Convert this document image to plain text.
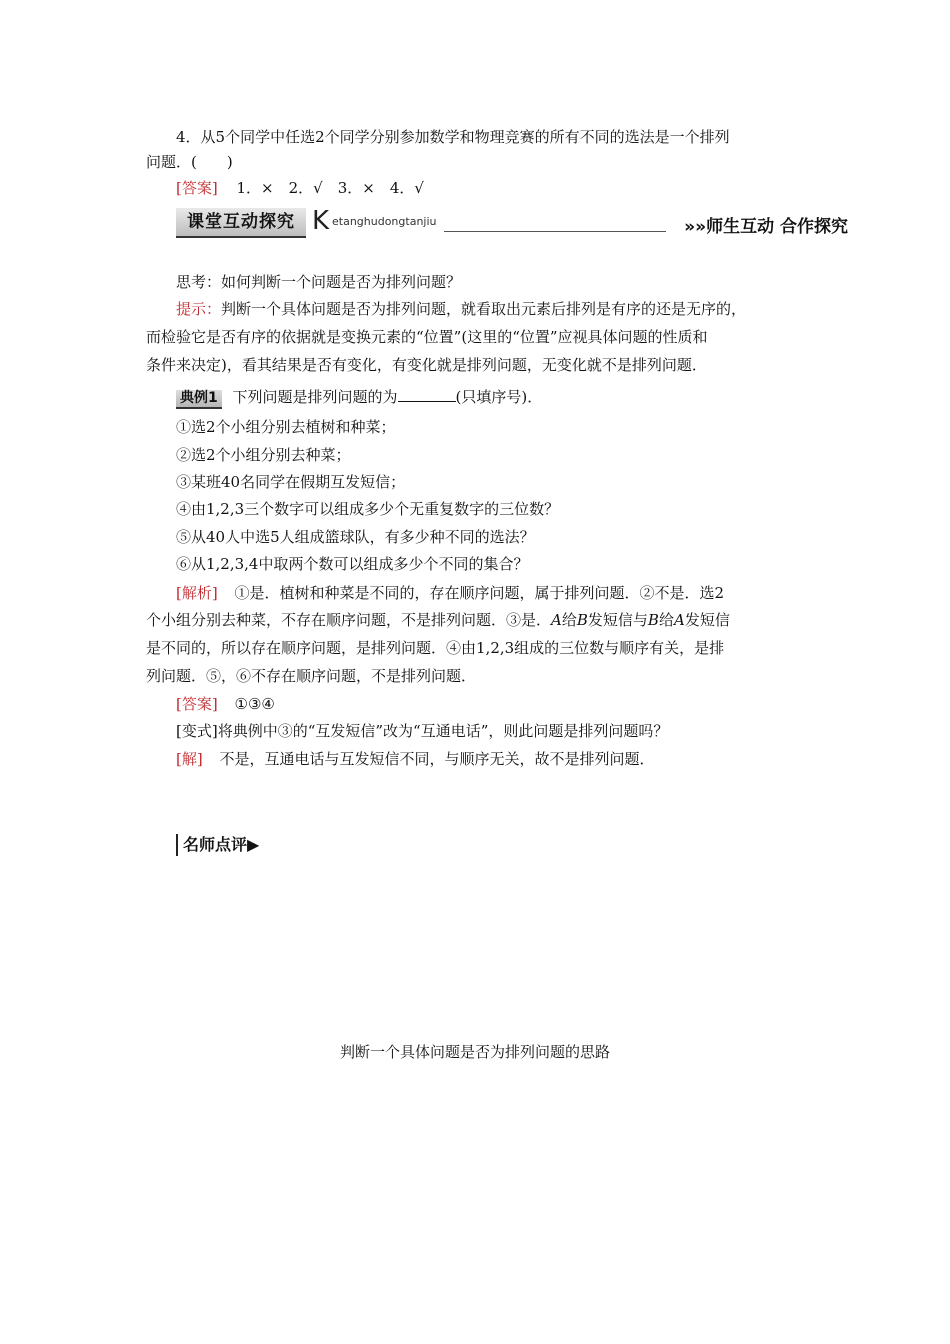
4．从5个同学中任选2个同学分别参加数学和物理竞赛的所有不同的选法是一个排列
问题．(　　)
[答案] 1．×　2．√　3．×　4．√
课堂互动探究 K etanghudongtanjiu	»»师生互动 合作探究
思考：如何判断一个问题是否为排列问题？
提示：判断一个具体问题是否为排列问题，就看取出元素后排列是有序的还是无序的，
而检验它是否有序的依据就是变换元素的“位置”(这里的“位置”应视具体问题的性质和
条件来决定)，看其结果是否有变化，有变化就是排列问题，无变化就不是排列问题．
典例1 下列问题是排列问题的为	(只填序号)．
①选2个小组分别去植树和种菜；
②选2个小组分别去种菜；
③某班40名同学在假期互发短信；
④由1,2,3三个数字可以组成多少个无重复数字的三位数？
⑤从40人中选5人组成篮球队，有多少种不同的选法？
⑥从1,2,3,4中取两个数可以组成多少个不同的集合？
[解析] ①是．植树和种菜是不同的，存在顺序问题，属于排列问题．②不是．选2
个小组分别去种菜，不存在顺序问题，不是排列问题．③是．A给B发短信与B给A发短信
是不同的，所以存在顺序问题，是排列问题．④由1,2,3组成的三位数与顺序有关，是排
列问题．⑤，⑥不存在顺序问题，不是排列问题．
[答案] ①③④
[变式]将典例中③的“互发短信”改为“互通电话”，则此问题是排列问题吗？
[解] 不是，互通电话与互发短信不同，与顺序无关，故不是排列问题．
名师点评▶
判断一个具体问题是否为排列问题的思路
